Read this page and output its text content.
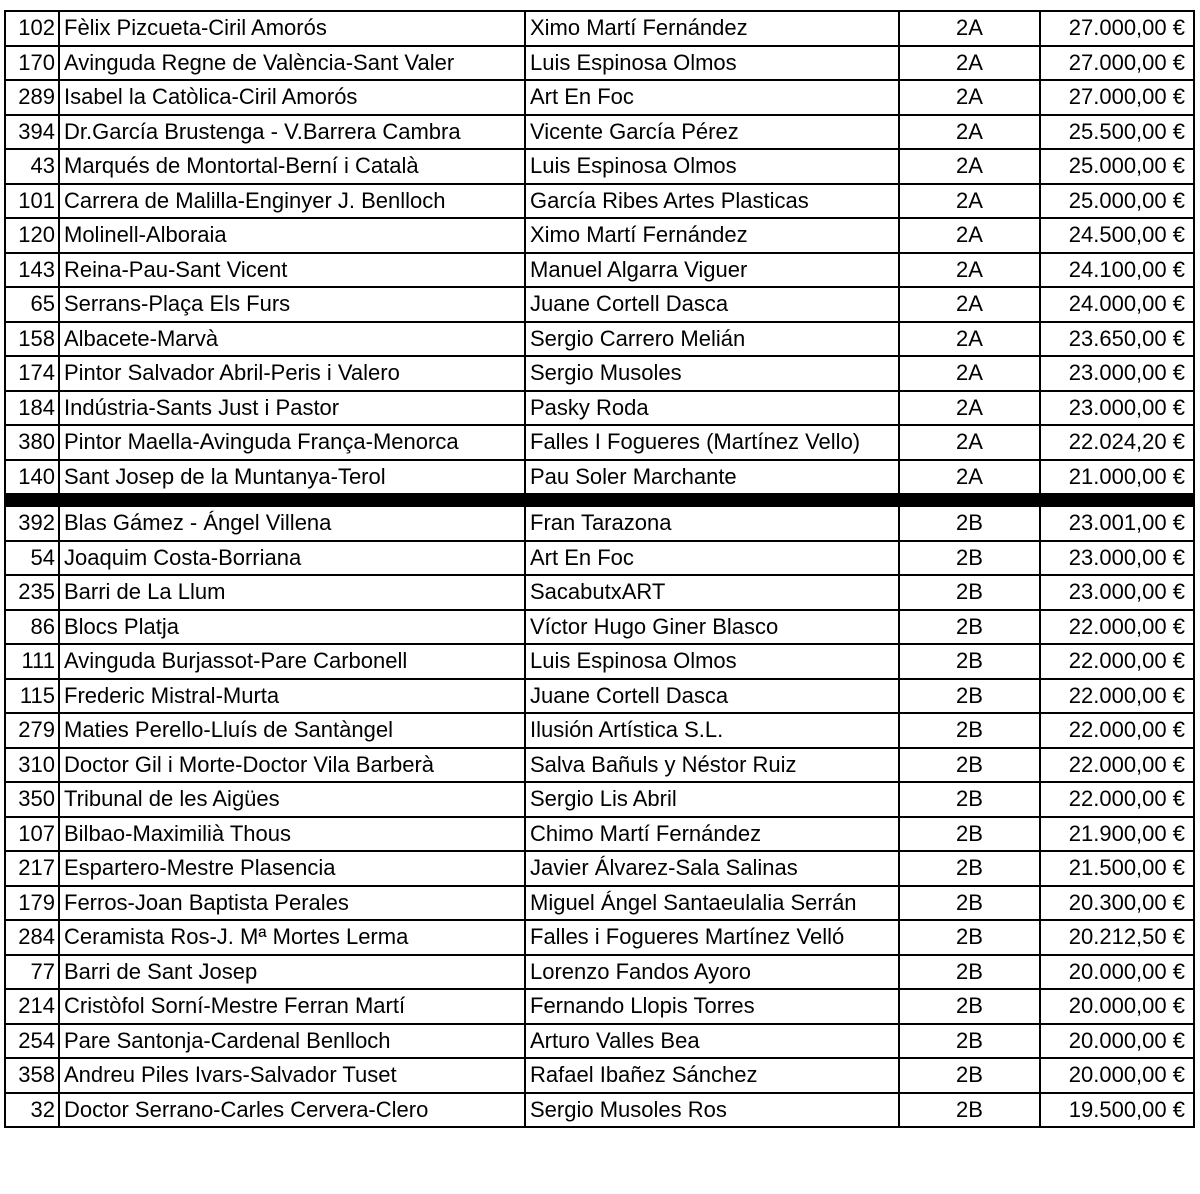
102	Fèlix Pizcueta-Ciril Amorós	Ximo Martí Fernández	2A	27.000,00 €
170	Avinguda Regne de València-Sant Valer	Luis Espinosa Olmos	2A	27.000,00 €
289	Isabel la Catòlica-Ciril Amorós	Art En Foc	2A	27.000,00 €
394	Dr.García Brustenga - V.Barrera Cambra	Vicente García Pérez	2A	25.500,00 €
43	Marqués de Montortal-Berní i Català	Luis Espinosa Olmos	2A	25.000,00 €
101	Carrera de Malilla-Enginyer J. Benlloch	García Ribes Artes Plasticas	2A	25.000,00 €
120	Molinell-Alboraia	Ximo Martí Fernández	2A	24.500,00 €
143	Reina-Pau-Sant Vicent	Manuel Algarra Viguer	2A	24.100,00 €
65	Serrans-Plaça Els Furs	Juane Cortell Dasca	2A	24.000,00 €
158	Albacete-Marvà	Sergio Carrero Melián	2A	23.650,00 €
174	Pintor Salvador Abril-Peris i Valero	Sergio Musoles	2A	23.000,00 €
184	Indústria-Sants Just i Pastor	Pasky Roda	2A	23.000,00 €
380	Pintor Maella-Avinguda França-Menorca	Falles I Fogueres (Martínez Vello)	2A	22.024,20 €
140	Sant Josep de la Muntanya-Terol	Pau Soler Marchante	2A	21.000,00 €

392	Blas Gámez - Ángel Villena	Fran Tarazona	2B	23.001,00 €
54	Joaquim Costa-Borriana	Art En Foc	2B	23.000,00 €
235	Barri de La Llum	SacabutxART	2B	23.000,00 €
86	Blocs Platja	Víctor Hugo Giner Blasco	2B	22.000,00 €
111	Avinguda Burjassot-Pare Carbonell	Luis Espinosa Olmos	2B	22.000,00 €
115	Frederic Mistral-Murta	Juane Cortell Dasca	2B	22.000,00 €
279	Maties Perello-Lluís de Santàngel	Ilusión Artística S.L.	2B	22.000,00 €
310	Doctor Gil i Morte-Doctor Vila Barberà	Salva Bañuls y Néstor Ruiz	2B	22.000,00 €
350	Tribunal de les Aigües	Sergio Lis Abril	2B	22.000,00 €
107	Bilbao-Maximilià Thous	Chimo Martí Fernández	2B	21.900,00 €
217	Espartero-Mestre Plasencia	Javier Álvarez-Sala Salinas	2B	21.500,00 €
179	Ferros-Joan Baptista Perales	Miguel Ángel Santaeulalia Serrán	2B	20.300,00 €
284	Ceramista Ros-J. Mª Mortes Lerma	Falles i Fogueres Martínez Velló	2B	20.212,50 €
77	Barri de Sant Josep	Lorenzo Fandos Ayoro	2B	20.000,00 €
214	Cristòfol Sorní-Mestre Ferran Martí	Fernando Llopis Torres	2B	20.000,00 €
254	Pare Santonja-Cardenal Benlloch	Arturo Valles Bea	2B	20.000,00 €
358	Andreu Piles Ivars-Salvador Tuset	Rafael Ibañez Sánchez	2B	20.000,00 €
32	Doctor Serrano-Carles Cervera-Clero	Sergio Musoles Ros	2B	19.500,00 €
